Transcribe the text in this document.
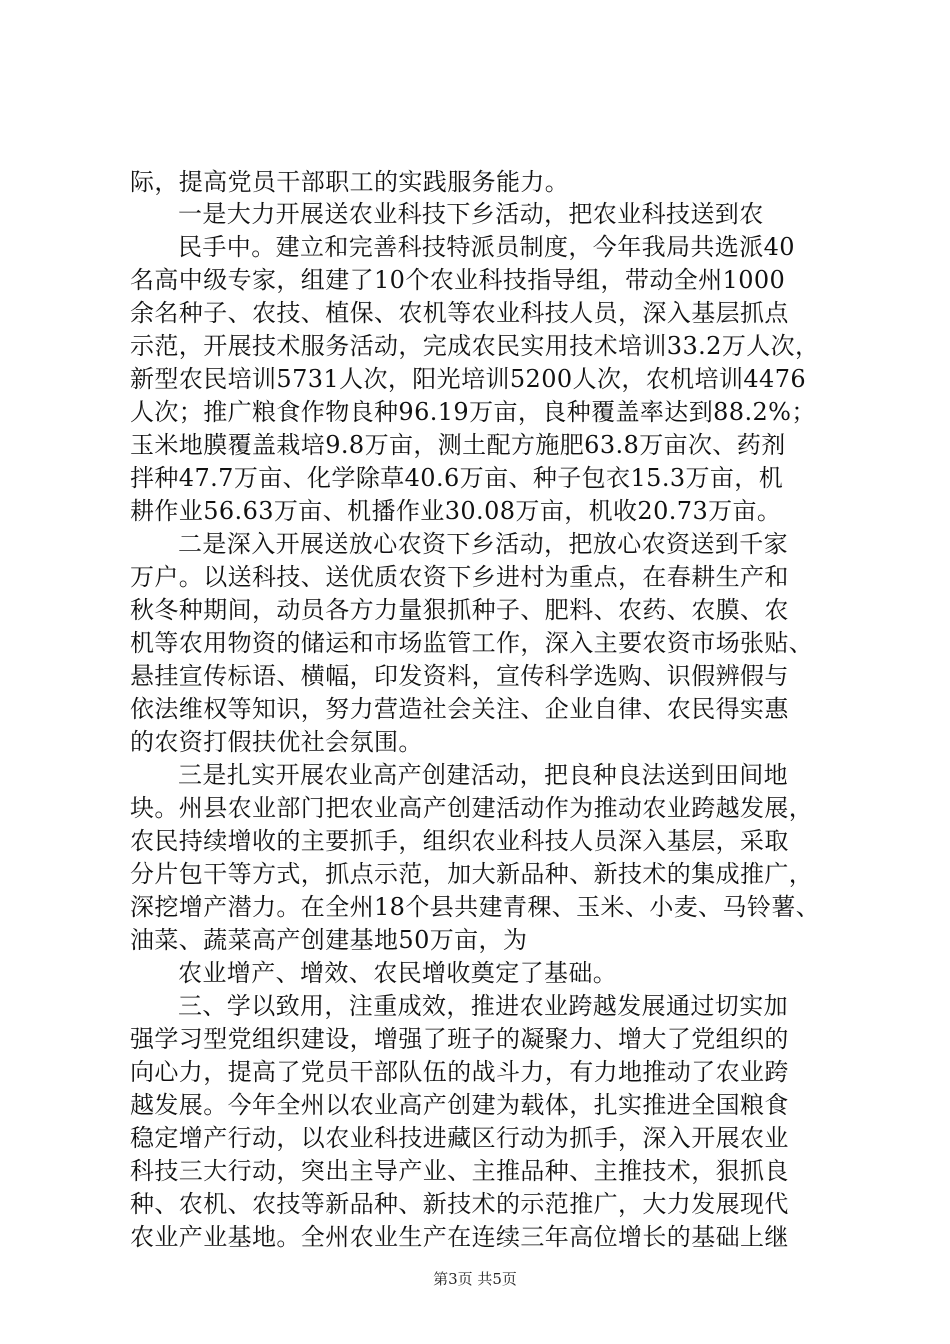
际，提高党员干部职工的实践服务能力。
一是大力开展送农业科技下乡活动，把农业科技送到农
民手中。建立和完善科技特派员制度，今年我局共选派40
名高中级专家，组建了10个农业科技指导组，带动全州1000
余名种子、农技、植保、农机等农业科技人员，深入基层抓点
示范，开展技术服务活动，完成农民实用技术培训33.2万人次，
新型农民培训5731人次，阳光培训5200人次，农机培训4476
人次；推广粮食作物良种96.19万亩，良种覆盖率达到88.2%；
玉米地膜覆盖栽培9.8万亩，测土配方施肥63.8万亩次、药剂
拌种47.7万亩、化学除草40.6万亩、种子包衣15.3万亩，机
耕作业56.63万亩、机播作业30.08万亩，机收20.73万亩。
二是深入开展送放心农资下乡活动，把放心农资送到千家
万户。以送科技、送优质农资下乡进村为重点，在春耕生产和
秋冬种期间，动员各方力量狠抓种子、肥料、农药、农膜、农
机等农用物资的储运和市场监管工作，深入主要农资市场张贴、
悬挂宣传标语、横幅，印发资料，宣传科学选购、识假辨假与
依法维权等知识，努力营造社会关注、企业自律、农民得实惠
的农资打假扶优社会氛围。
三是扎实开展农业高产创建活动，把良种良法送到田间地
块。州县农业部门把农业高产创建活动作为推动农业跨越发展，
农民持续增收的主要抓手，组织农业科技人员深入基层，采取
分片包干等方式，抓点示范，加大新品种、新技术的集成推广，
深挖增产潜力。在全州18个县共建青稞、玉米、小麦、马铃薯、
油菜、蔬菜高产创建基地50万亩，为
农业增产、增效、农民增收奠定了基础。
三、学以致用，注重成效，推进农业跨越发展通过切实加
强学习型党组织建设，增强了班子的凝聚力、增大了党组织的
向心力，提高了党员干部队伍的战斗力，有力地推动了农业跨
越发展。今年全州以农业高产创建为载体，扎实推进全国粮食
稳定增产行动，以农业科技进藏区行动为抓手，深入开展农业
科技三大行动，突出主导产业、主推品种、主推技术，狠抓良
种、农机、农技等新品种、新技术的示范推广，大力发展现代
农业产业基地。全州农业生产在连续三年高位增长的基础上继
第3页 共5页
